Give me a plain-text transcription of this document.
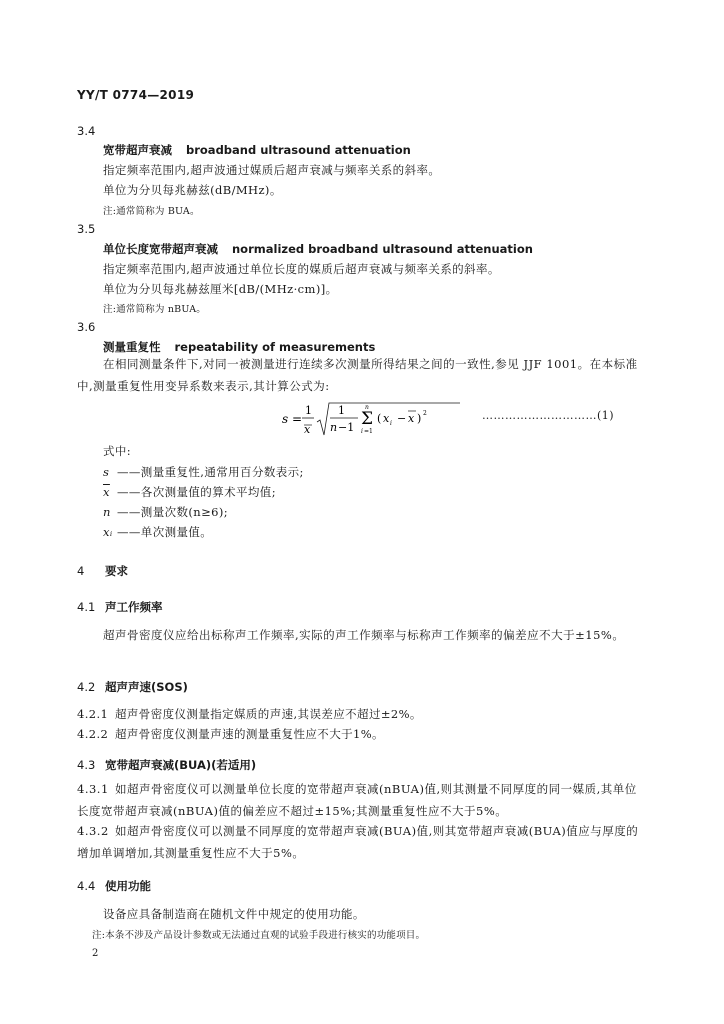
YY/T 0774—2019
3.4
宽带超声衰减 broadband ultrasound attenuation
指定频率范围内,超声波通过媒质后超声衰减与频率关系的斜率。
单位为分贝每兆赫兹(dB/MHz)。
注:通常简称为 BUA。
3.5
单位长度宽带超声衰减 normalized broadband ultrasound attenuation
指定频率范围内,超声波通过单位长度的媒质后超声衰减与频率关系的斜率。
单位为分贝每兆赫兹厘米[dB/(MHz·cm)]。
注:通常简称为 nBUA。
3.6
测量重复性 repeatability of measurements
在相同测量条件下,对同一被测量进行连续多次测量所得结果之间的一致性,参见 JJF 1001。在本标准中,测量重复性用变异系数来表示,其计算公式为:
s =
1
x
1
n −1
n
Σ
i =1
( x i − x ) 2	…………………………(1)
式中:
s ——测量重复性,通常用百分数表示;
$\overline{x}$ ——各次测量值的算术平均值;
n ——测量次数(n≥6);
xᵢ ——单次测量值。
4 要求
4.1 声工作频率
超声骨密度仪应给出标称声工作频率,实际的声工作频率与标称声工作频率的偏差应不大于±15%。
4.2 超声声速(SOS)
4.2.1 超声骨密度仪测量指定媒质的声速,其误差应不超过±2%。
4.2.2 超声骨密度仪测量声速的测量重复性应不大于1%。
4.3 宽带超声衰减(BUA)(若适用)
4.3.1 如超声骨密度仪可以测量单位长度的宽带超声衰减(nBUA)值,则其测量不同厚度的同一媒质,其单位长度宽带超声衰减(nBUA)值的偏差应不超过±15%;其测量重复性应不大于5%。
4.3.2 如超声骨密度仪可以测量不同厚度的宽带超声衰减(BUA)值,则其宽带超声衰减(BUA)值应与厚度的增加单调增加,其测量重复性应不大于5%。
4.4 使用功能
设备应具备制造商在随机文件中规定的使用功能。
注:本条不涉及产品设计参数或无法通过直观的试验手段进行核实的功能项目。
2
